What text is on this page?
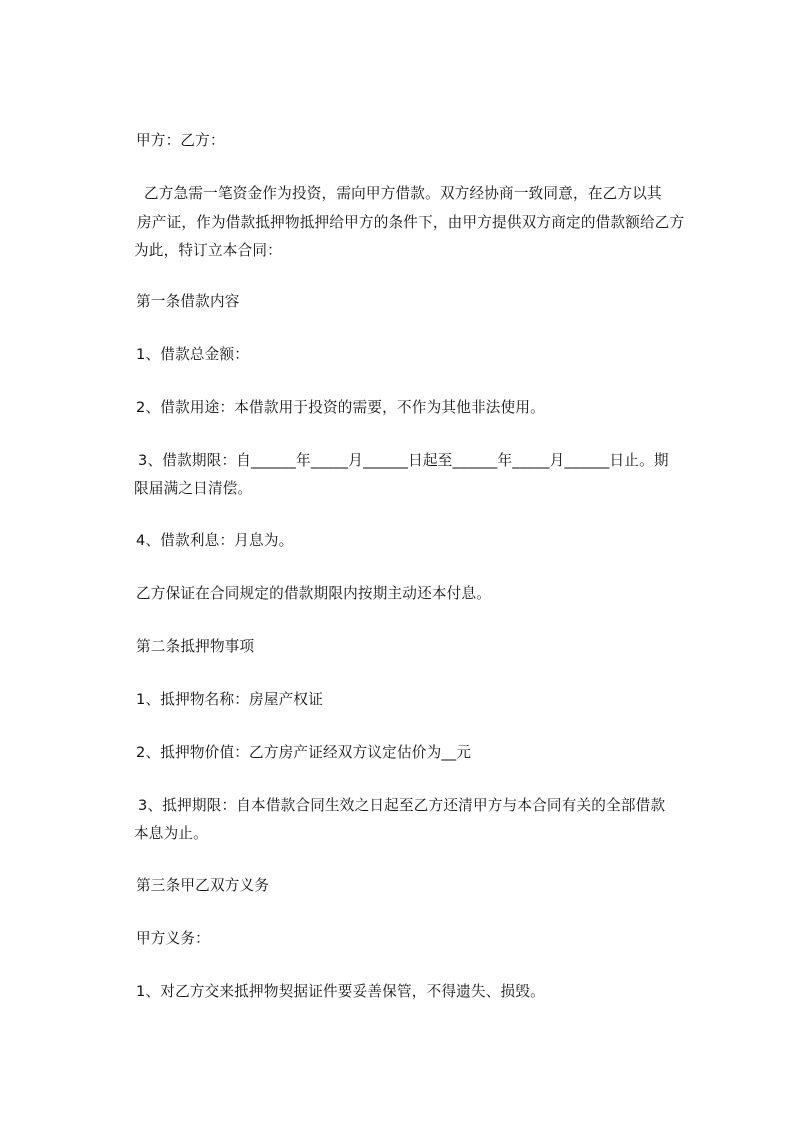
甲方：乙方：

乙方急需一笔资金作为投资，需向甲方借款。双方经协商一致同意，在乙方以其

房产证，作为借款抵押物抵押给甲方的条件下，由甲方提供双方商定的借款额给乙方

为此，特订立本合同：

第一条借款内容

1、借款总金额：

2、借款用途：本借款用于投资的需要，不作为其他非法使用。

3、借款期限：自______年_____月______日起至______年_____月______日止。期

限届满之日清偿。

4、借款利息：月息为。

乙方保证在合同规定的借款期限内按期主动还本付息。

第二条抵押物事项

1、抵押物名称：房屋产权证

2、抵押物价值：乙方房产证经双方议定估价为__元

3、抵押期限：自本借款合同生效之日起至乙方还清甲方与本合同有关的全部借款

本息为止。

第三条甲乙双方义务

甲方义务：

1、对乙方交来抵押物契据证件要妥善保管，不得遗失、损毁。
